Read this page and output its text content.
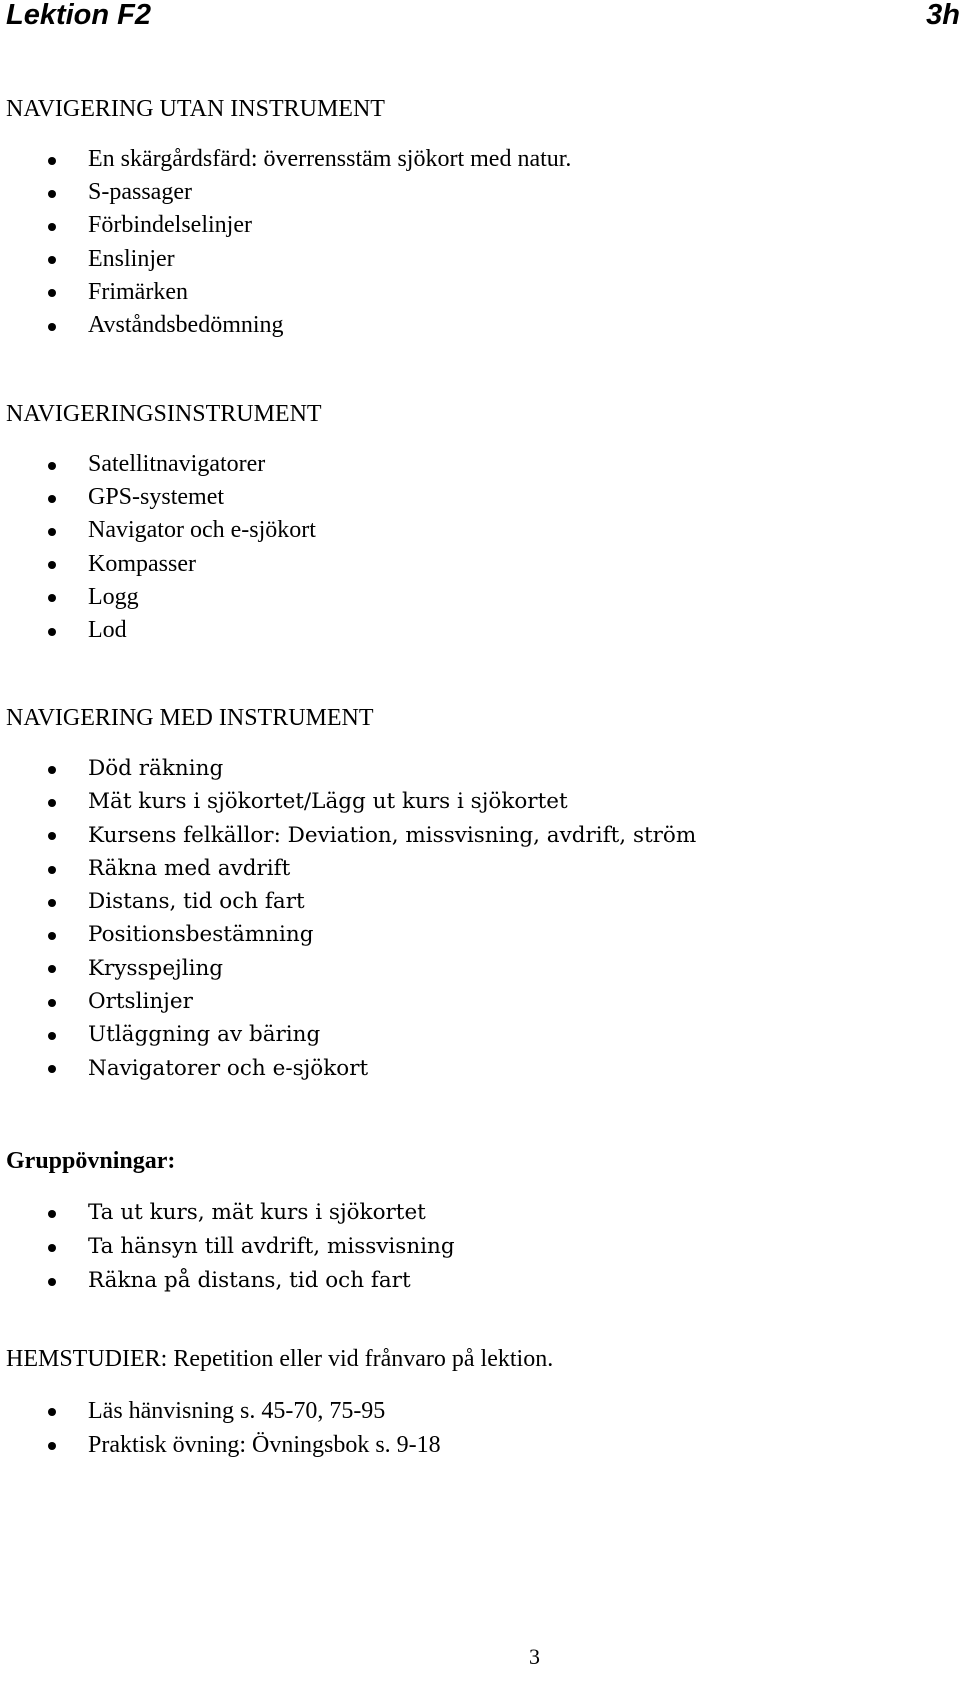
Lektion F2	3h
NAVIGERING UTAN INSTRUMENT
En skärgårdsfärd: överrensstäm sjökort med natur.
S-passager
Förbindelselinjer
Enslinjer
Frimärken
Avståndsbedömning
NAVIGERINGSINSTRUMENT
Satellitnavigatorer
GPS-systemet
Navigator och e-sjökort
Kompasser
Logg
Lod
NAVIGERING MED INSTRUMENT
Död räkning
Mät kurs i sjökortet/Lägg ut kurs i sjökortet
Kursens felkällor: Deviation, missvisning, avdrift, ström
Räkna med avdrift
Distans, tid och fart
Positionsbestämning
Krysspejling
Ortslinjer
Utläggning av bäring
Navigatorer och e-sjökort
Gruppövningar:
Ta ut kurs, mät kurs i sjökortet
Ta hänsyn till avdrift, missvisning
Räkna på distans, tid och fart
HEMSTUDIER: Repetition eller vid frånvaro på lektion.
Läs hänvisning s. 45-70, 75-95
Praktisk övning: Övningsbok s. 9-18
3
